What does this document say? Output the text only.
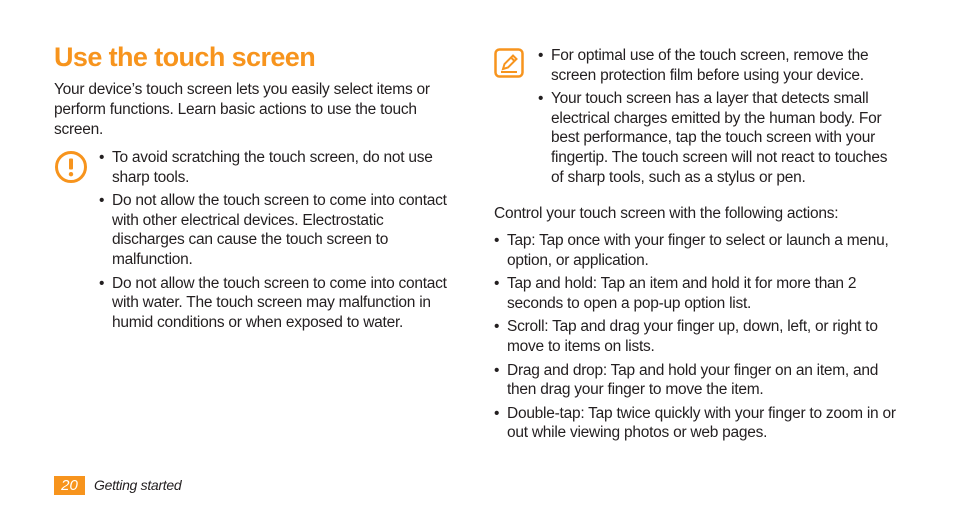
Use the touch screen

Your device’s touch screen lets you easily select items or perform functions. Learn basic actions to use the touch screen.

• To avoid scratching the touch screen, do not use sharp tools.
• Do not allow the touch screen to come into contact with other electrical devices. Electrostatic discharges can cause the touch screen to malfunction.
• Do not allow the touch screen to come into contact with water. The touch screen may malfunction in humid conditions or when exposed to water.
• For optimal use of the touch screen, remove the screen protection film before using your device.
• Your touch screen has a layer that detects small electrical charges emitted by the human body. For best performance, tap the touch screen with your fingertip. The touch screen will not react to touches of sharp tools, such as a stylus or pen.

Control your touch screen with the following actions:

• Tap: Tap once with your finger to select or launch a menu, option, or application.
• Tap and hold: Tap an item and hold it for more than 2 seconds to open a pop-up option list.
• Scroll: Tap and drag your finger up, down, left, or right to move to items on lists.
• Drag and drop: Tap and hold your finger on an item, and then drag your finger to move the item.
• Double-tap: Tap twice quickly with your finger to zoom in or out while viewing photos or web pages.
20	Getting started
